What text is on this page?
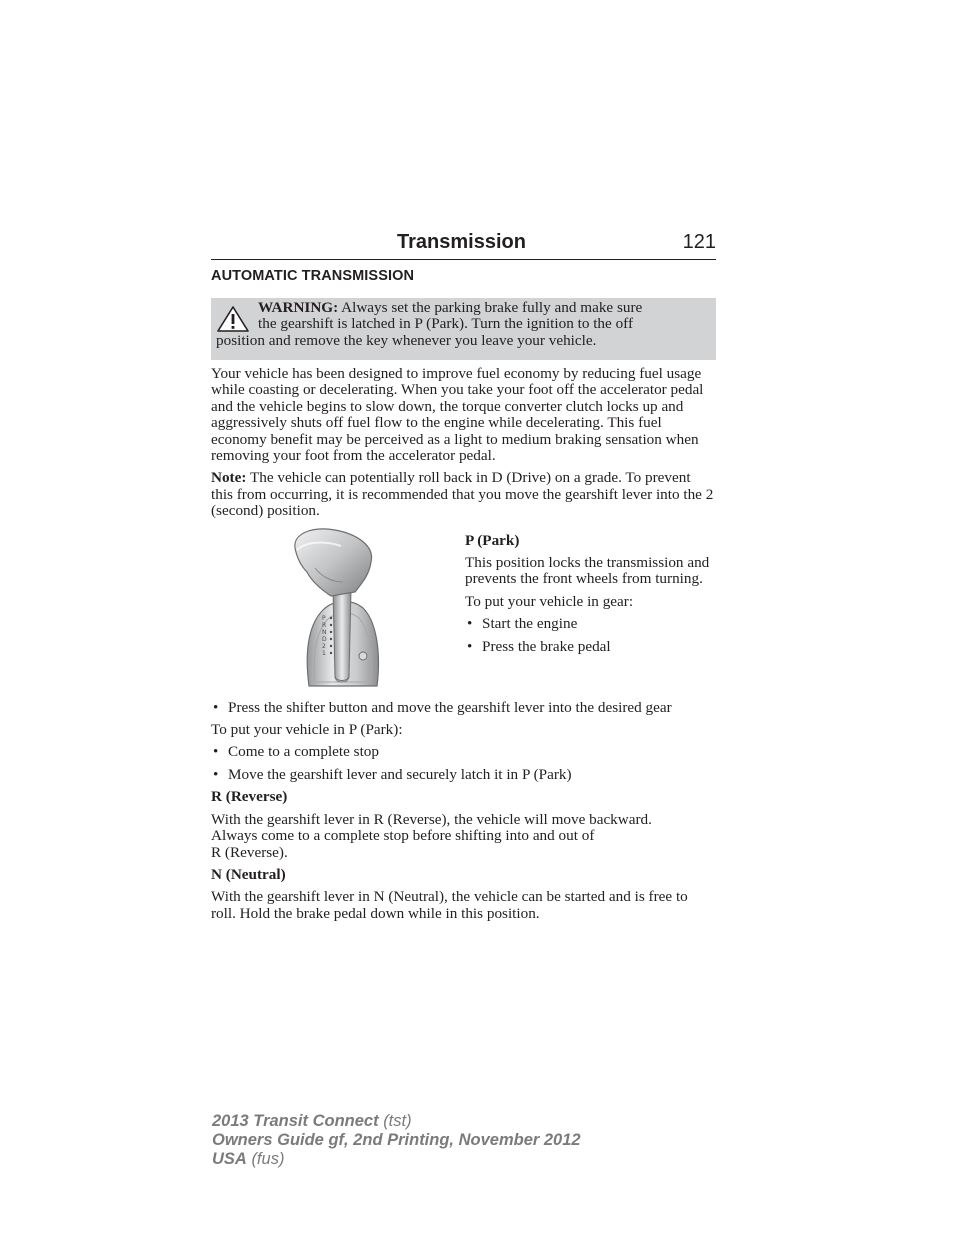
Transmission	121
AUTOMATIC TRANSMISSION

WARNING: Always set the parking brake fully and make sure

the gearshift is latched in P (Park). Turn the ignition to the off

position and remove the key whenever you leave your vehicle.

Your vehicle has been designed to improve fuel economy by reducing fuel usage while coasting or decelerating. When you take your foot off the accelerator pedal and the vehicle begins to slow down, the torque converter clutch locks up and aggressively shuts off fuel flow to the engine while decelerating. This fuel economy benefit may be perceived as a light to medium braking sensation when removing your foot from the accelerator pedal.

Note: The vehicle can potentially roll back in D (Drive) on a grade. To prevent this from occurring, it is recommended that you move the gearshift lever into the 2 (second) position.

P
R
N
D
2
1

P (Park)

This position locks the transmission and prevents the front wheels from turning.

To put your vehicle in gear:

• Start the engine
• Press the brake pedal
• Press the shifter button and move the gearshift lever into the desired gear

To put your vehicle in P (Park):

• Come to a complete stop
• Move the gearshift lever and securely latch it in P (Park)

R (Reverse)

With the gearshift lever in R (Reverse), the vehicle will move backward.
Always come to a complete stop before shifting into and out of
R (Reverse).

N (Neutral)

With the gearshift lever in N (Neutral), the vehicle can be started and is free to roll. Hold the brake pedal down while in this position.

2013 Transit Connect (tst)
Owners Guide gf, 2nd Printing, November 2012
USA (fus)
